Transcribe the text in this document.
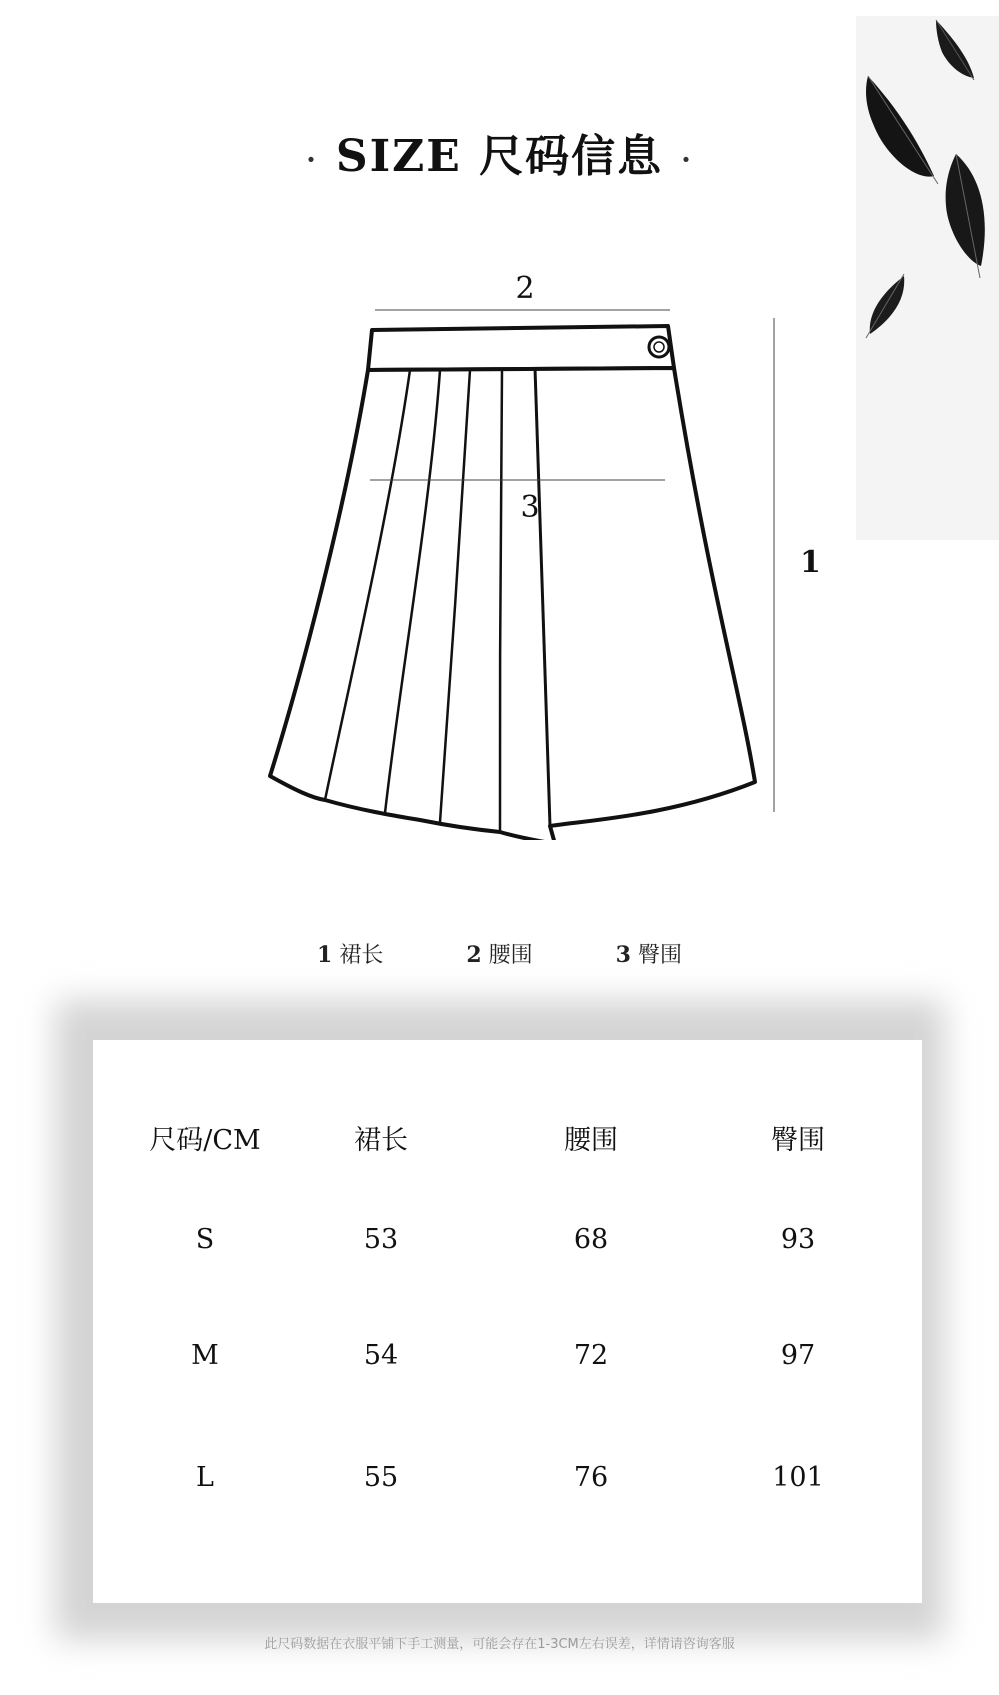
· SIZE 尺码信息 ·
2
3
1
1 裙长	2 腰围	3 臀围
尺码/CM	裙长	腰围	臀围
S	53	68	93
M	54	72	97
L	55	76	101
此尺码数据在衣服平铺下手工测量，可能会存在1-3CM左右误差，详情请咨询客服
